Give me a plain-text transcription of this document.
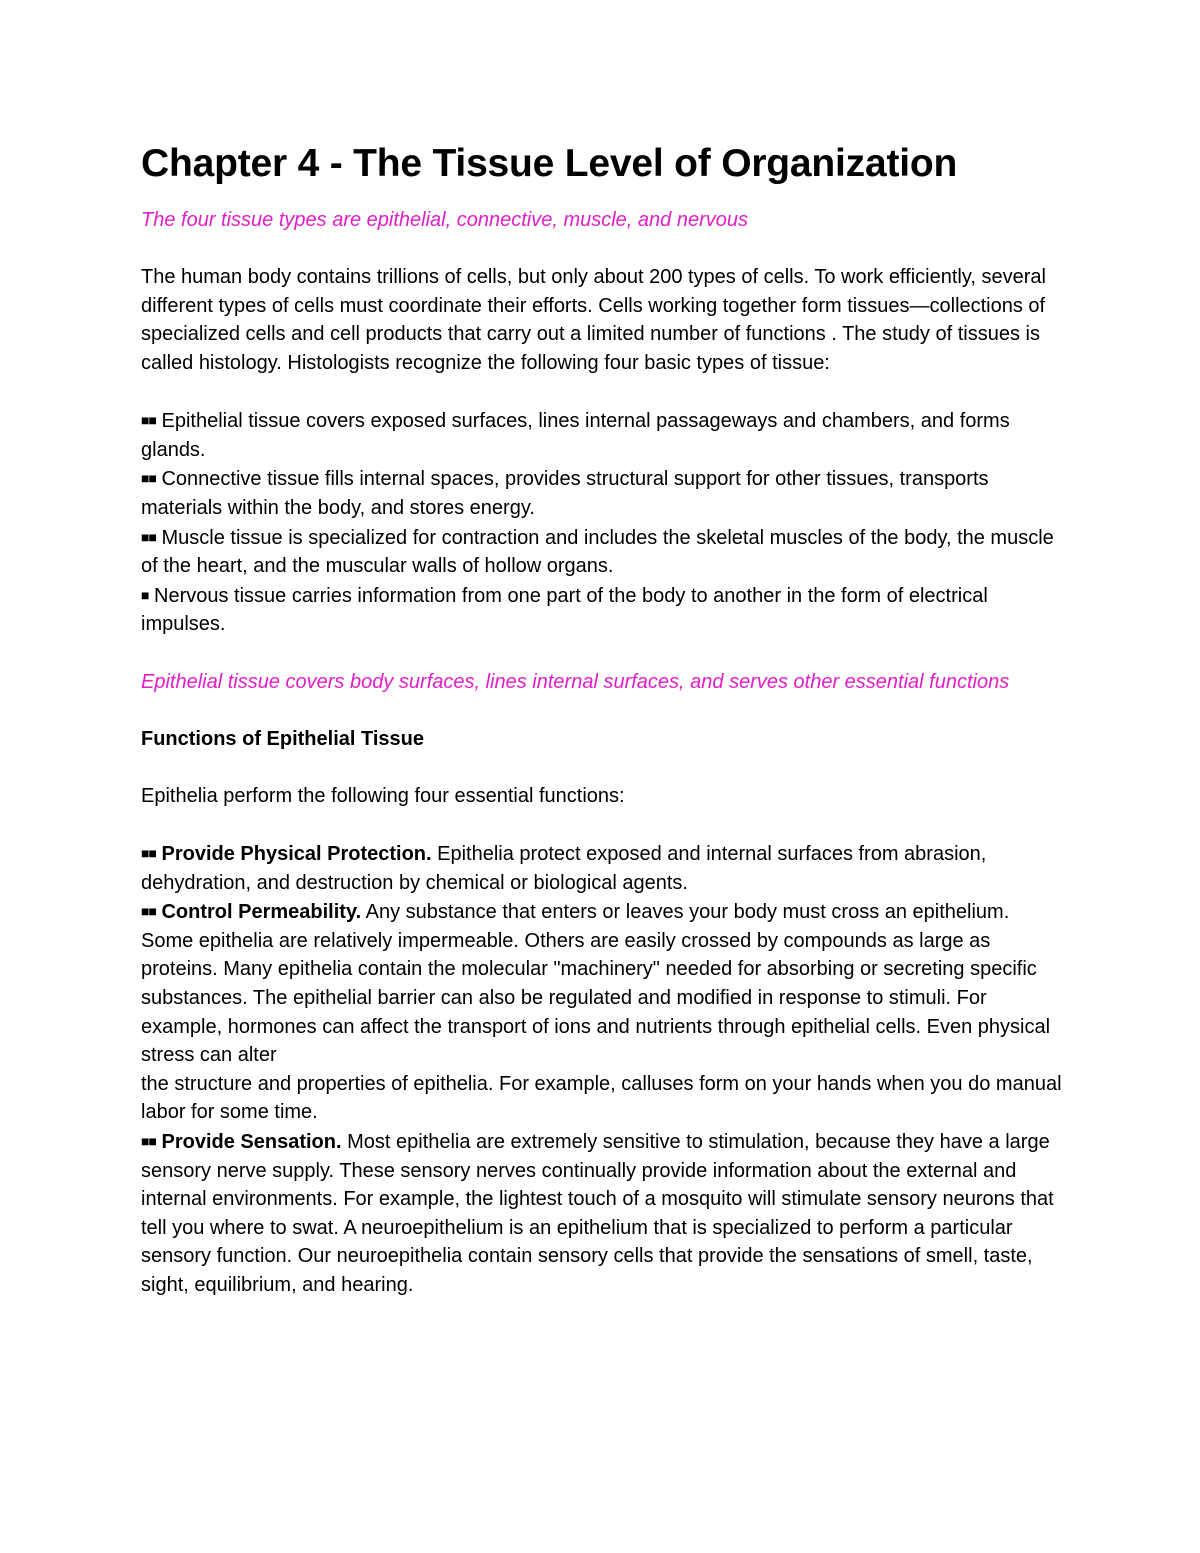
Chapter 4 - The Tissue Level of Organization

The four tissue types are epithelial, connective, muscle, and nervous

The human body contains trillions of cells, but only about 200 types of cells. To work efficiently, several different types of cells must coordinate their efforts. Cells working together form tissues—collections of specialized cells and cell products that carry out a limited number of functions . The study of tissues is called histology. Histologists recognize the following four basic types of tissue:

■■ Epithelial tissue covers exposed surfaces, lines internal passageways and chambers, and forms glands.

■■ Connective tissue fills internal spaces, provides structural support for other tissues, transports materials within the body, and stores energy.

■■ Muscle tissue is specialized for contraction and includes the skeletal muscles of the body, the muscle of the heart, and the muscular walls of hollow organs.

■ Nervous tissue carries information from one part of the body to another in the form of electrical impulses.

Epithelial tissue covers body surfaces, lines internal surfaces, and serves other essential functions

Functions of Epithelial Tissue

Epithelia perform the following four essential functions:

■■ Provide Physical Protection. Epithelia protect exposed and internal surfaces from abrasion, dehydration, and destruction by chemical or biological agents.

■■ Control Permeability. Any substance that enters or leaves your body must cross an epithelium. Some epithelia are relatively impermeable. Others are easily crossed by compounds as large as proteins. Many epithelia contain the molecular "machinery" needed for absorbing or secreting specific substances. The epithelial barrier can also be regulated and modified in response to stimuli. For example, hormones can affect the transport of ions and nutrients through epithelial cells. Even physical stress can alter

the structure and properties of epithelia. For example, calluses form on your hands when you do manual labor for some time.

■■ Provide Sensation. Most epithelia are extremely sensitive to stimulation, because they have a large sensory nerve supply. These sensory nerves continually provide information about the external and internal environments. For example, the lightest touch of a mosquito will stimulate sensory neurons that tell you where to swat. A neuroepithelium is an epithelium that is specialized to perform a particular sensory function. Our neuroepithelia contain sensory cells that provide the sensations of smell, taste, sight, equilibrium, and hearing.
